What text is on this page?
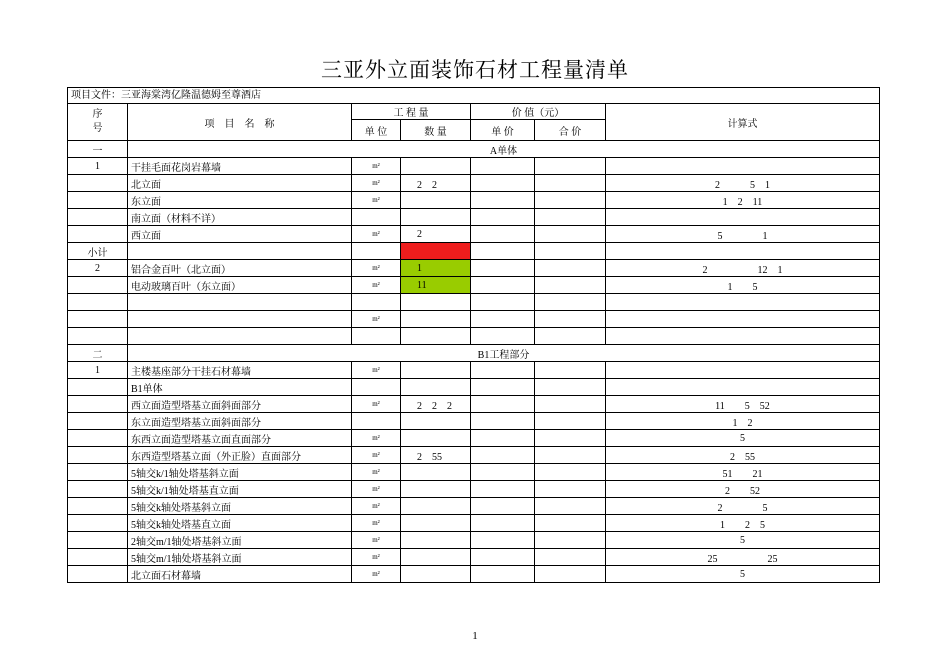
三亚外立面装饰石材工程量清单
项目文件：三亚海棠湾亿隆温德姆至尊酒店
序
号	项　目　名　称	工 程 量		价 值（元）		计算式
		单 位	数 量	单 价	合 价	
一	A单体					
1	干挂毛面花岗岩幕墙	m²				
	北立面	m²	2　2			2　　　5　1
	东立面	m²				1　2　11
	南立面（材料不详）					
	西立面	m²	2			5　　　　1
小计						
2	铝合金百叶（北立面）	m²	1			2　　　　　12　1
	电动玻璃百叶（东立面）	m²	11			1　　5

		m²				

二	B1工程部分					
1	主楼基座部分干挂石材幕墙	m²				
	B1单体					
	西立面造型塔基立面斜面部分	m²	2　2　2			11　　5　52
	东立面造型塔基立面斜面部分					1　2
	东西立面造型塔基立面直面部分	m²				5
	东西造型塔基立面（外正脸）直面部分	m²	2　55			2　55
	5轴交k/1轴处塔基斜立面	m²				51　　21
	5轴交k/1轴处塔基直立面	m²				2　　52
	5轴交k轴处塔基斜立面	m²				2　　　　5
	5轴交k轴处塔基直立面	m²				1　　2　5
	2轴交m/1轴处塔基斜立面	m²				5
	5轴交m/1轴处塔基斜立面	m²				25　　　　　25
	北立面石材幕墙	m²				5
1
